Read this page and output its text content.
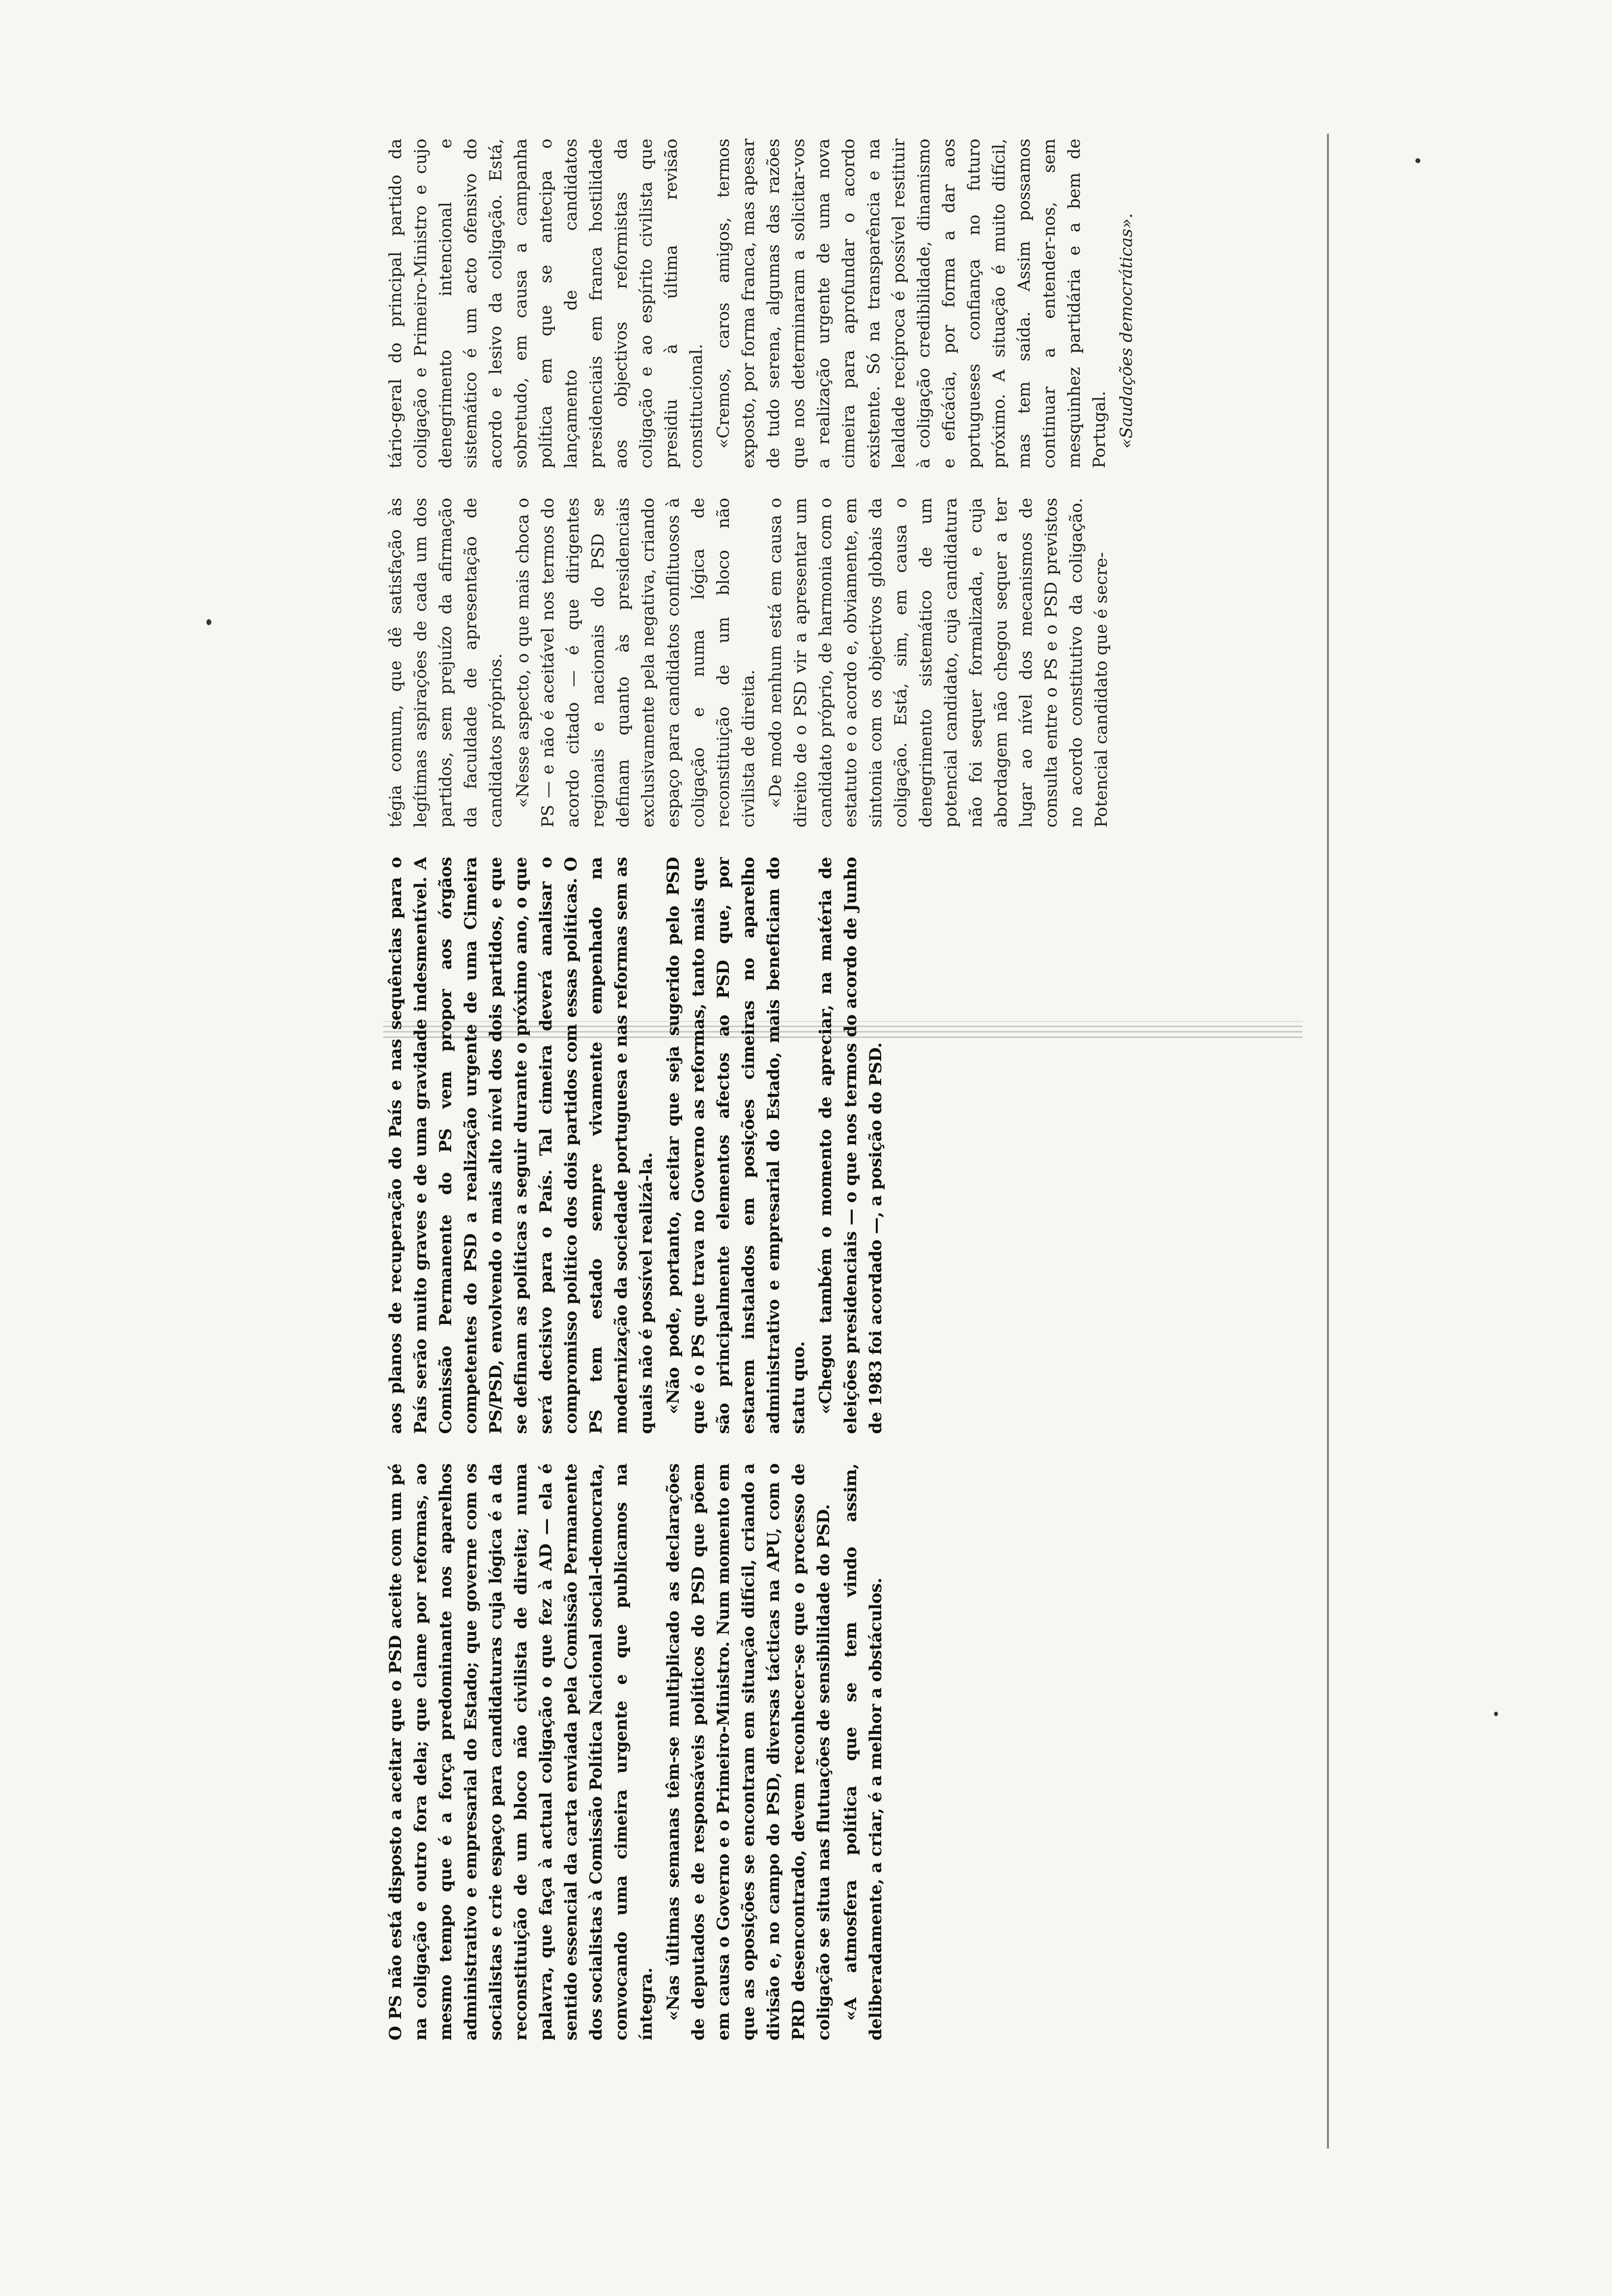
O PS não está disposto a aceitar que o PSD aceite com um pé na coligação e outro fora dela; que clame por reformas, ao mesmo tempo que é a força predominante nos aparelhos administrativo e empresarial do Estado; que governe com os socialistas e crie espaço para candidaturas cuja lógica é a da reconstituição de um bloco não civilista de direita; numa palavra, que faça à actual coligação o que fez à AD — ela é sentido essencial da carta enviada pela Comissão Permanente dos socialistas à Comissão Política Nacional social-democrata, convocando uma cimeira urgente e que publicamos na íntegra. «Nas últimas semanas têm-se multiplicado as declarações de deputados e de responsáveis políticos do PSD que põem em causa o Governo e o Primeiro-Ministro. Num momento em que as oposições se encontram em situação difícil, criando a divisão e, no campo do PSD, diversas tácticas na APU, com o PRD desencontrado, devem reconhecer-se que o processo de coligação se situa nas flutuações de sensibilidade do PSD. «A atmosfera política que se tem vindo assim, deliberadamente, a criar, é a melhor a obstáculos.

aos planos de recuperação do País e nas sequências para o País serão muito graves e de uma gravidade indesmentível. A Comissão Permanente do PS vem propor aos órgãos competentes do PSD a realização urgente de uma Cimeira PS/PSD, envolvendo o mais alto nível dos dois partidos, e que se definam as políticas a seguir durante o próximo ano, o que será decisivo para o País. Tal cimeira deverá analisar o compromisso político dos dois partidos com essas políticas. O PS tem estado sempre vivamente empenhado na modernização da sociedade portuguesa e nas reformas sem as quais não é possível realizá-la. «Não pode, portanto, aceitar que seja sugerido pelo PSD que é o PS que trava no Governo as reformas, tanto mais que são principalmente elementos afectos ao PSD que, por estarem instalados em posições cimeiras no aparelho administrativo e empresarial do Estado, mais beneficiam do statu quo. «Chegou também o momento de apreciar, na matéria de eleições presidenciais — o que nos termos do acordo de Junho de 1983 foi acordado —, a posição do PSD.

tégia comum, que dê satisfação às legítimas aspirações de cada um dos partidos, sem prejuízo da afirmação da faculdade de apresentação de candidatos próprios. «Nesse aspecto, o que mais choca o PS — e não é aceitável nos termos do acordo citado — é que dirigentes regionais e nacionais do PSD se definam quanto às presidenciais exclusivamente pela negativa, criando espaço para candidatos conflituosos à coligação e numa lógica de reconstituição de um bloco não civilista de direita. «De modo nenhum está em causa o direito de o PSD vir a apresentar um candidato próprio, de harmonia com o estatuto e o acordo e, obviamente, em sintonia com os objectivos globais da coligação. Está, sim, em causa o denegrimento sistemático de um potencial candidato, cuja candidatura não foi sequer formalizada, e cuja abordagem não chegou sequer a ter lugar ao nível dos mecanismos de consulta entre o PS e o PSD previstos no acordo constitutivo da coligação. Potencial candidato que é secre-

tário-geral do principal partido da coligação e Primeiro-Ministro e cujo denegrimento intencional e sistemático é um acto ofensivo do acordo e lesivo da coligação. Está, sobretudo, em causa a campanha política em que se antecipa o lançamento de candidatos presidenciais em franca hostilidade aos objectivos reformistas da coligação e ao espírito civilista que presidiu à última revisão constitucional. «Cremos, caros amigos, termos exposto, por forma franca, mas apesar de tudo serena, algumas das razões que nos determinaram a solicitar-vos a realização urgente de uma nova cimeira para aprofundar o acordo existente. Só na transparência e na lealdade recíproca é possível restituir à coligação credibilidade, dinamismo e eficácia, por forma a dar aos portugueses confiança no futuro próximo. A situação é muito difícil, mas tem saída. Assim possamos continuar a entender-nos, sem mesquinhez partidária e a bem de Portugal. «Saudações democráticas».
